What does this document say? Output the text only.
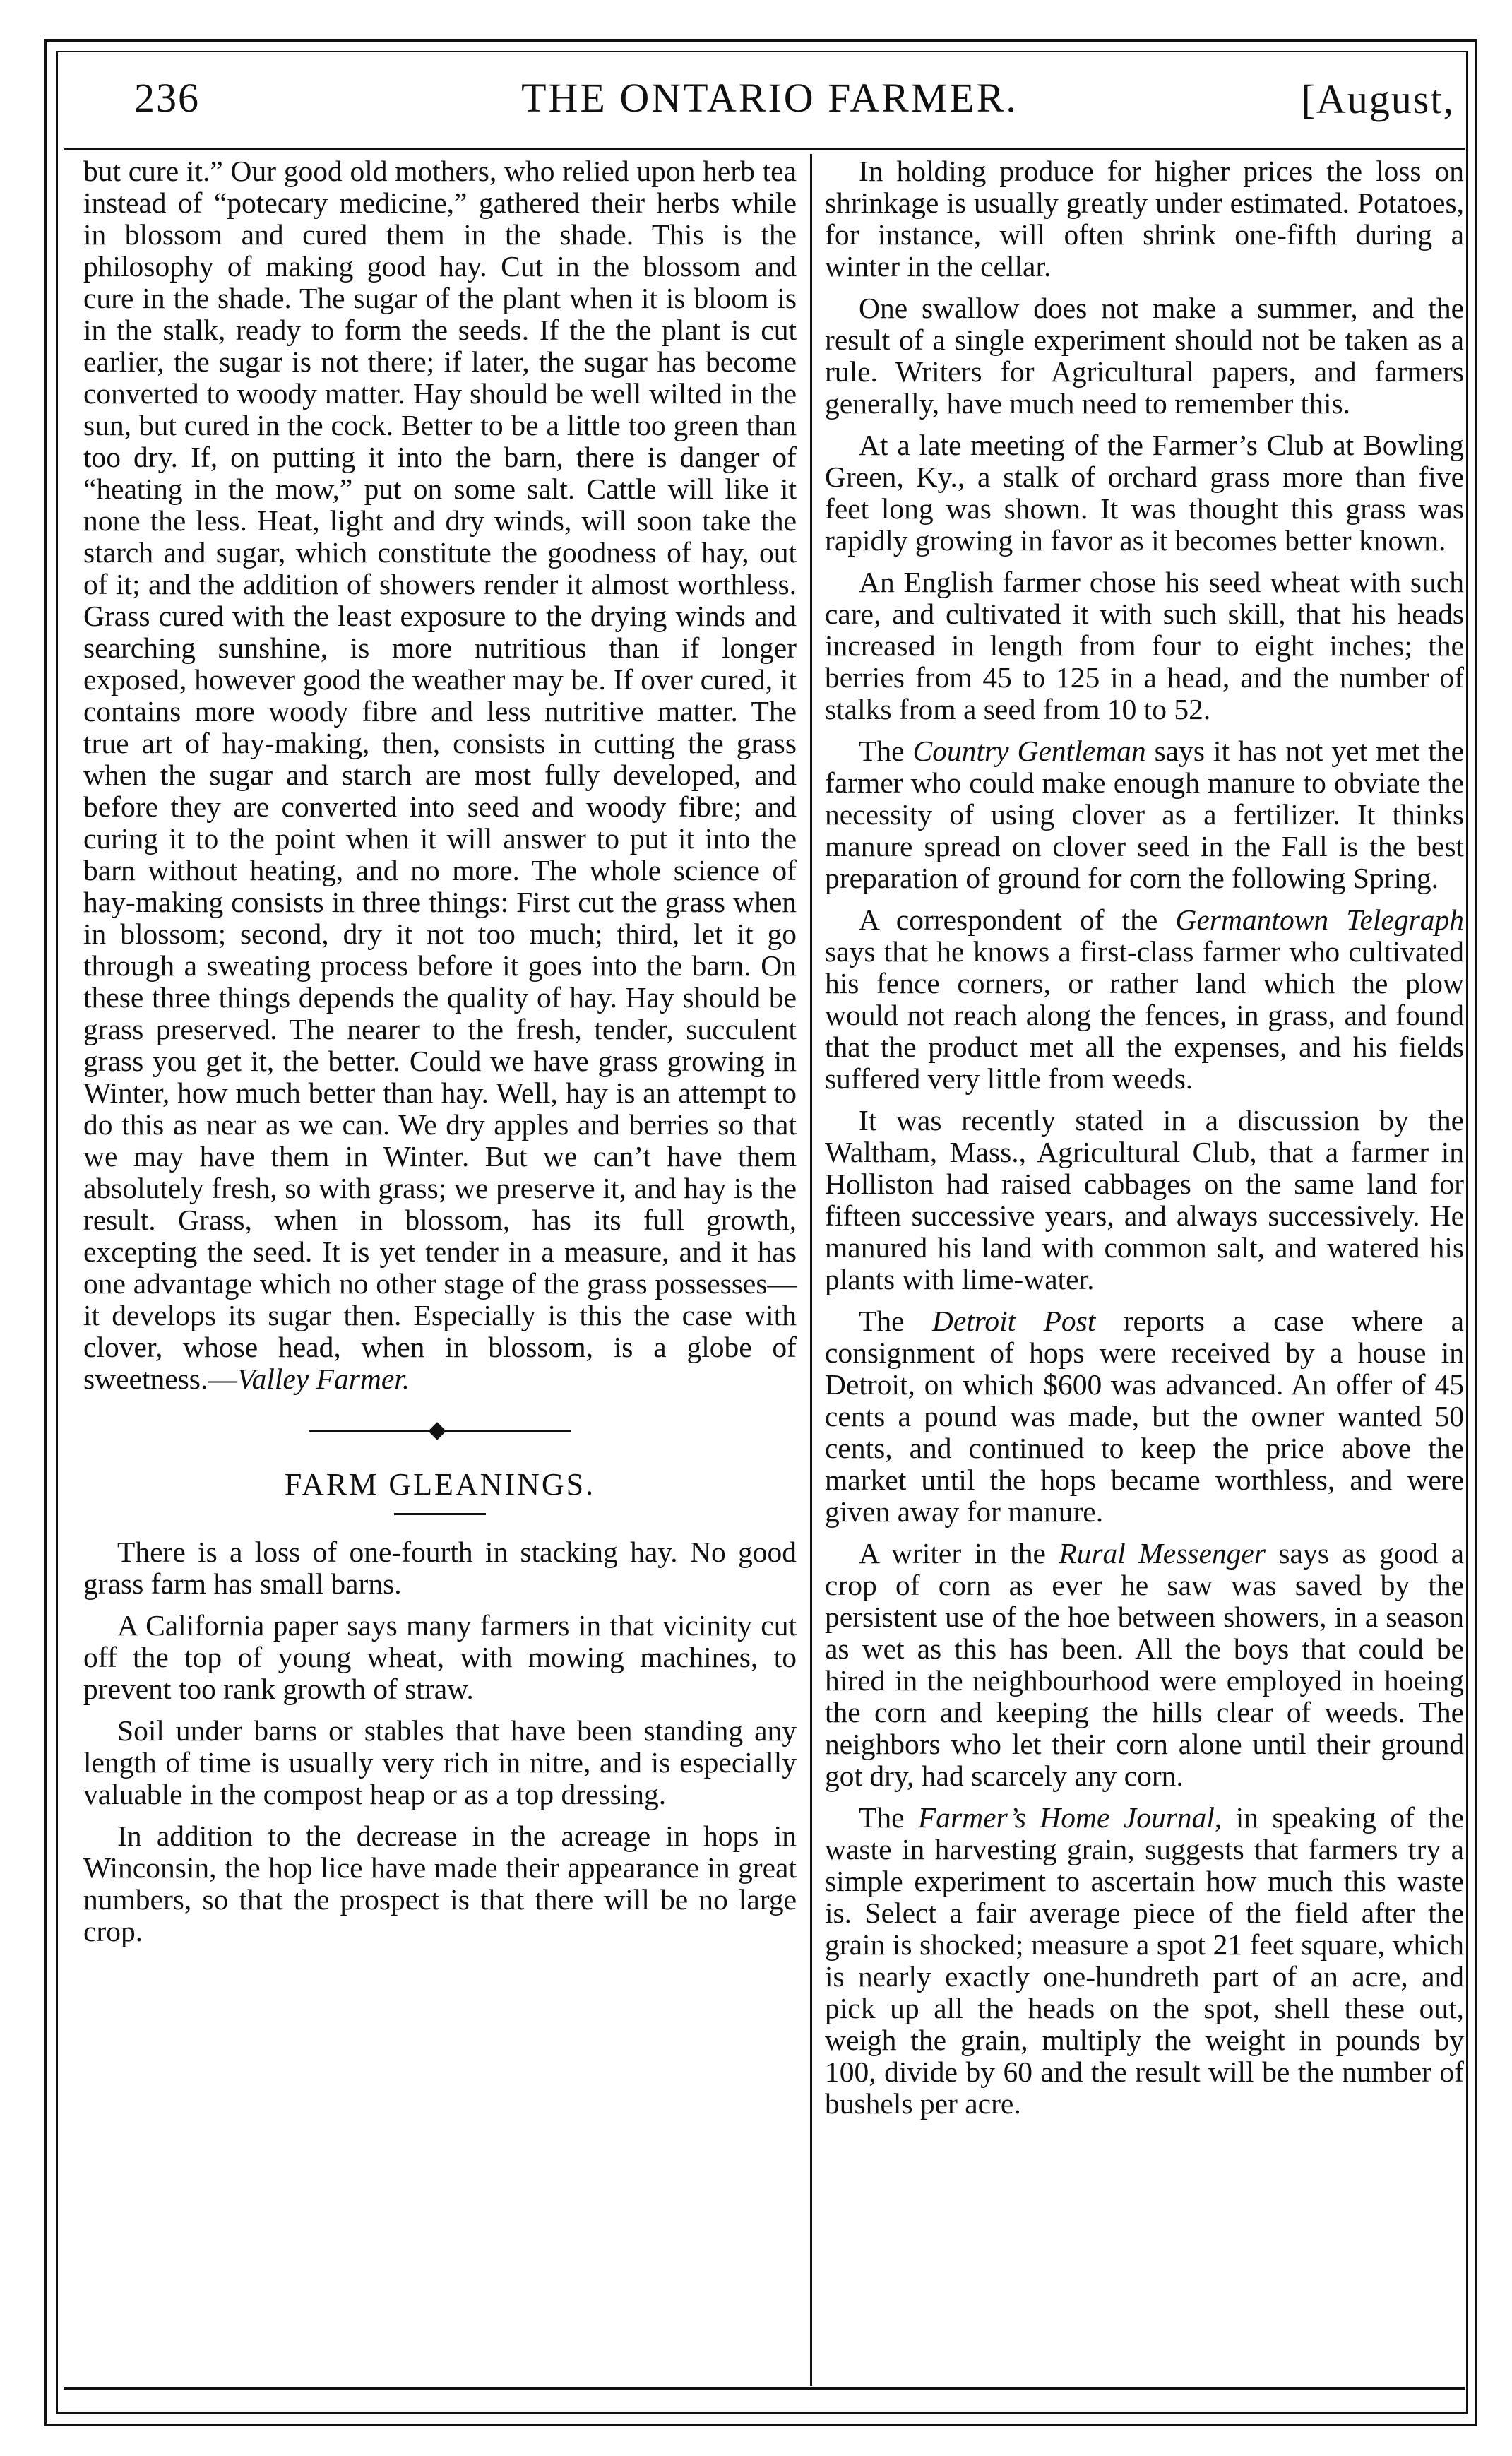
236	THE ONTARIO FARMER.	[August,

but cure it.” Our good old mothers, who relied upon herb tea instead of “potecary medicine,” gathered their herbs while in blossom and cured them in the shade. This is the philosophy of making good hay. Cut in the blossom and cure in the shade. The sugar of the plant when it is bloom is in the stalk, ready to form the seeds. If the the plant is cut earlier, the sugar is not there; if later, the sugar has become converted to woody matter. Hay should be well wilted in the sun, but cured in the cock. Better to be a little too green than too dry. If, on putting it into the barn, there is danger of “heating in the mow,” put on some salt. Cattle will like it none the less. Heat, light and dry winds, will soon take the starch and sugar, which constitute the goodness of hay, out of it; and the addition of showers render it almost worthless. Grass cured with the least exposure to the drying winds and searching sunshine, is more nutritious than if longer exposed, however good the weather may be. If over cured, it contains more woody fibre and less nutritive matter. The true art of hay-making, then, consists in cutting the grass when the sugar and starch are most fully developed, and before they are converted into seed and woody fibre; and curing it to the point when it will answer to put it into the barn without heating, and no more. The whole science of hay-making consists in three things: First cut the grass when in blossom; second, dry it not too much; third, let it go through a sweating process before it goes into the barn. On these three things depends the quality of hay. Hay should be grass preserved. The nearer to the fresh, tender, succulent grass you get it, the better. Could we have grass growing in Winter, how much better than hay. Well, hay is an attempt to do this as near as we can. We dry apples and berries so that we may have them in Winter. But we can’t have them absolutely fresh, so with grass; we preserve it, and hay is the result. Grass, when in blossom, has its full growth, excepting the seed. It is yet tender in a measure, and it has one advantage which no other stage of the grass possesses—it develops its sugar then. Especially is this the case with clover, whose head, when in blossom, is a globe of sweetness.—Valley Farmer.

FARM GLEANINGS.

There is a loss of one-fourth in stacking hay. No good grass farm has small barns.

A California paper says many farmers in that vicinity cut off the top of young wheat, with mowing machines, to prevent too rank growth of straw.

Soil under barns or stables that have been standing any length of time is usually very rich in nitre, and is especially valuable in the compost heap or as a top dressing.

In addition to the decrease in the acreage in hops in Winconsin, the hop lice have made their appearance in great numbers, so that the prospect is that there will be no large crop.

In holding produce for higher prices the loss on shrinkage is usually greatly under estimated. Potatoes, for instance, will often shrink one-fifth during a winter in the cellar.

One swallow does not make a summer, and the result of a single experiment should not be taken as a rule. Writers for Agricultural papers, and farmers generally, have much need to remember this.

At a late meeting of the Farmer’s Club at Bowling Green, Ky., a stalk of orchard grass more than five feet long was shown. It was thought this grass was rapidly growing in favor as it becomes better known.

An English farmer chose his seed wheat with such care, and cultivated it with such skill, that his heads increased in length from four to eight inches; the berries from 45 to 125 in a head, and the number of stalks from a seed from 10 to 52.

The Country Gentleman says it has not yet met the farmer who could make enough manure to obviate the necessity of using clover as a fertilizer. It thinks manure spread on clover seed in the Fall is the best preparation of ground for corn the following Spring.

A correspondent of the Germantown Telegraph says that he knows a first-class farmer who cultivated his fence corners, or rather land which the plow would not reach along the fences, in grass, and found that the product met all the expenses, and his fields suffered very little from weeds.

It was recently stated in a discussion by the Waltham, Mass., Agricultural Club, that a farmer in Holliston had raised cabbages on the same land for fifteen successive years, and always successively. He manured his land with common salt, and watered his plants with lime-water.

The Detroit Post reports a case where a consignment of hops were received by a house in Detroit, on which $600 was advanced. An offer of 45 cents a pound was made, but the owner wanted 50 cents, and continued to keep the price above the market until the hops became worthless, and were given away for manure.

A writer in the Rural Messenger says as good a crop of corn as ever he saw was saved by the persistent use of the hoe between showers, in a season as wet as this has been. All the boys that could be hired in the neighbourhood were employed in hoeing the corn and keeping the hills clear of weeds. The neighbors who let their corn alone until their ground got dry, had scarcely any corn.

The Farmer’s Home Journal, in speaking of the waste in harvesting grain, suggests that farmers try a simple experiment to ascertain how much this waste is. Select a fair average piece of the field after the grain is shocked; measure a spot 21 feet square, which is nearly exactly one-hundreth part of an acre, and pick up all the heads on the spot, shell these out, weigh the grain, multiply the weight in pounds by 100, divide by 60 and the result will be the number of bushels per acre.
